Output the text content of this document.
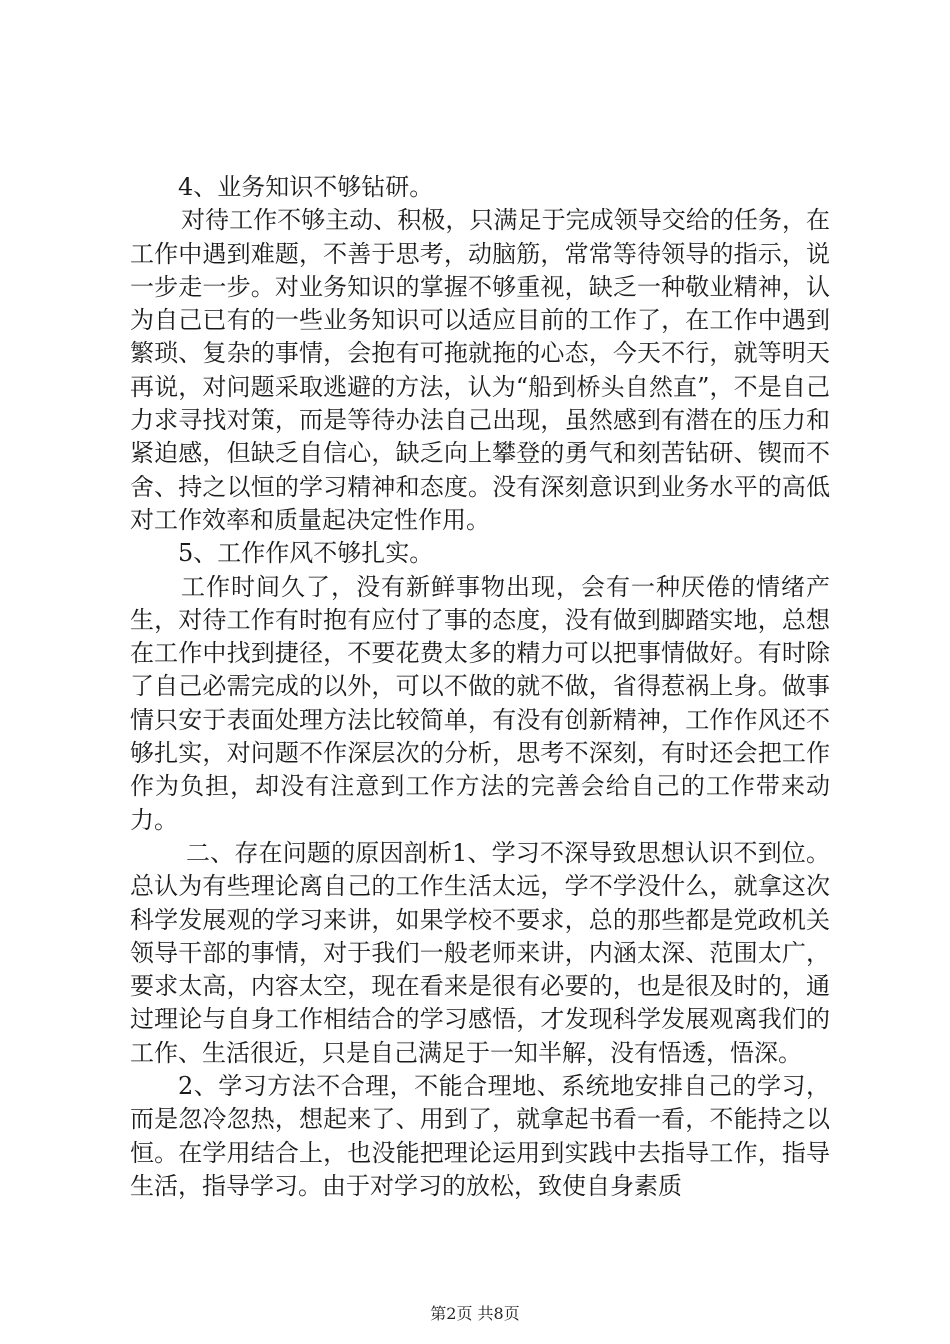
4、业务知识不够钻研。

对待工作不够主动、积极，只满足于完成领导交给的任务，在工作中遇到难题，不善于思考，动脑筋，常常等待领导的指示，说一步走一步。对业务知识的掌握不够重视，缺乏一种敬业精神，认为自己已有的一些业务知识可以适应目前的工作了，在工作中遇到繁琐、复杂的事情，会抱有可拖就拖的心态，今天不行，就等明天再说，对问题采取逃避的方法，认为“船到桥头自然直”，不是自己力求寻找对策，而是等待办法自己出现，虽然感到有潜在的压力和紧迫感，但缺乏自信心，缺乏向上攀登的勇气和刻苦钻研、锲而不舍、持之以恒的学习精神和态度。没有深刻意识到业务水平的高低对工作效率和质量起决定性作用。

5、工作作风不够扎实。

工作时间久了，没有新鲜事物出现，会有一种厌倦的情绪产生，对待工作有时抱有应付了事的态度，没有做到脚踏实地，总想在工作中找到捷径，不要花费太多的精力可以把事情做好。有时除了自己必需完成的以外，可以不做的就不做，省得惹祸上身。做事情只安于表面处理方法比较简单，有没有创新精神，工作作风还不够扎实，对问题不作深层次的分析，思考不深刻，有时还会把工作作为负担，却没有注意到工作方法的完善会给自己的工作带来动力。

二、存在问题的原因剖析1、学习不深导致思想认识不到位。总认为有些理论离自己的工作生活太远，学不学没什么，就拿这次科学发展观的学习来讲，如果学校不要求，总的那些都是党政机关领导干部的事情，对于我们一般老师来讲，内涵太深、范围太广，要求太高，内容太空，现在看来是很有必要的，也是很及时的，通过理论与自身工作相结合的学习感悟，才发现科学发展观离我们的工作、生活很近，只是自己满足于一知半解，没有悟透，悟深。

2、学习方法不合理，不能合理地、系统地安排自己的学习，而是忽冷忽热，想起来了、用到了，就拿起书看一看，不能持之以恒。在学用结合上，也没能把理论运用到实践中去指导工作，指导生活，指导学习。由于对学习的放松，致使自身素质

第2页 共8页
